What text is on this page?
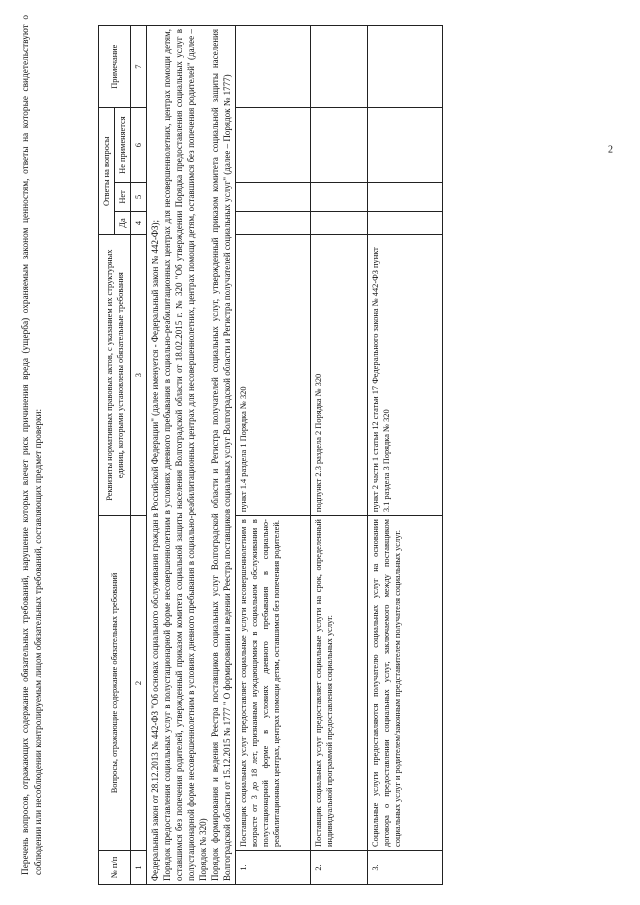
2
Перечень вопросов, отражающих содержание обязательных требований, нарушение которых влечет риск причинения вреда (ущерба) охраняемым законом ценностям, ответы на которые свидетельствуют о соблюдении или несоблюдении контролируемым лицом обязательных требований, составляющих предмет проверки:	№ п/п	Вопросы, отражающие содержание обязательных требований	Реквизиты нормативных правовых актов, с указанием их структурных единиц, которыми установлены обязательные требования	Ответы на вопросы			Примечание
			Да	Нет	Не применяется	
1	2	3	4	5	6	7

Федеральный закон от 28.12.2013 № 442-ФЗ "Об основах социального обслуживания граждан в Российской Федерации" (далее именуется - Федеральный закон № 442-ФЗ); Порядок предоставления социальных услуг в полустационарной форме несовершеннолетним в условиях дневного пребывания в социально-реабилитационных центрах для несовершеннолетних, центрах помощи детям, оставшимся без попечения родителей, утвержденный приказом комитета социальной защиты населения Волгоградской области от 18.02.2015 г. № 320 "Об утверждении Порядка предоставления социальных услуг в полустационарной форме несовершеннолетним в условиях дневного пребывания в социально-реабилитационных центрах для несовершеннолетних, центрах помощи детям, оставшимся без попечения родителей" (далее – Порядок № 320) Порядок формирования и ведения Реестра поставщиков социальных услуг Волгоградской области и Регистра получателей социальных услуг, утвержденный приказом комитета социальной защиты населения Волгоградской области от 15.12.2015 № 1777 " О формировании и ведении Реестра поставщиков социальных услуг Волгоградской области и Регистра получателей социальных услуг" (далее – Порядок № 1777)						

1.	Поставщик социальных услуг предоставляет социальные услуги несовершеннолетним в возрасте от 3 до 18 лет, признанным нуждающимися в социальном обслуживании в полустационарной форме в условиях дневного пребывания в социально-реабилитационных центрах, центрах помощи детям, оставшимся без попечения родителей.	пункт 1.4 раздела 1 Порядка № 320				
2.	Поставщик социальных услуг предоставляет социальные услуги на срок, определенный индивидуальной программой предоставления социальных услуг.	подпункт 2.3 раздела 2 Порядка № 320				
3.	Социальные услуги предоставляются получателю социальных услуг на основании договора о предоставлении социальных услуг, заключаемого между поставщиком социальных услуг и родителем/законным представителем получателя социальных услуг.	пункт 2 части 1 статьи 12 статьи 17 Федерального закона № 442-ФЗ пункт 3.1 раздела 3 Порядка № 320				
